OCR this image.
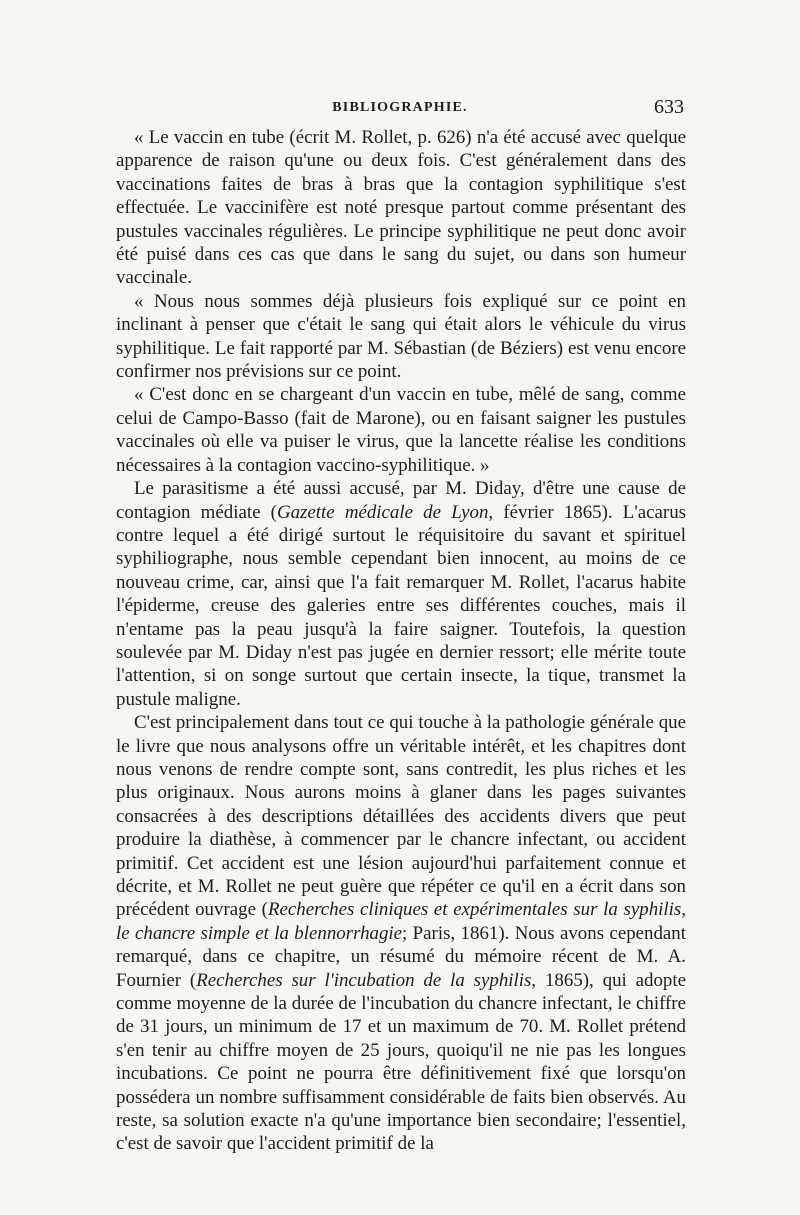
BIBLIOGRAPHIE.	633

« Le vaccin en tube (écrit M. Rollet, p. 626) n'a été accusé avec quelque apparence de raison qu'une ou deux fois. C'est généralement dans des vaccinations faites de bras à bras que la contagion syphilitique s'est effectuée. Le vaccinifère est noté presque partout comme présentant des pustules vaccinales régulières. Le principe syphilitique ne peut donc avoir été puisé dans ces cas que dans le sang du sujet, ou dans son humeur vaccinale.

« Nous nous sommes déjà plusieurs fois expliqué sur ce point en inclinant à penser que c'était le sang qui était alors le véhicule du virus syphilitique. Le fait rapporté par M. Sébastian (de Béziers) est venu encore confirmer nos prévisions sur ce point.

« C'est donc en se chargeant d'un vaccin en tube, mêlé de sang, comme celui de Campo-Basso (fait de Marone), ou en faisant saigner les pustules vaccinales où elle va puiser le virus, que la lancette réalise les conditions nécessaires à la contagion vaccino-syphilitique. »

Le parasitisme a été aussi accusé, par M. Diday, d'être une cause de contagion médiate (Gazette médicale de Lyon, février 1865). L'acarus contre lequel a été dirigé surtout le réquisitoire du savant et spirituel syphiliographe, nous semble cependant bien innocent, au moins de ce nouveau crime, car, ainsi que l'a fait remarquer M. Rollet, l'acarus habite l'épiderme, creuse des galeries entre ses différentes couches, mais il n'entame pas la peau jusqu'à la faire saigner. Toutefois, la question soulevée par M. Diday n'est pas jugée en dernier ressort; elle mérite toute l'attention, si on songe surtout que certain insecte, la tique, transmet la pustule maligne.

C'est principalement dans tout ce qui touche à la pathologie générale que le livre que nous analysons offre un véritable intérêt, et les chapitres dont nous venons de rendre compte sont, sans contredit, les plus riches et les plus originaux. Nous aurons moins à glaner dans les pages suivantes consacrées à des descriptions détaillées des accidents divers que peut produire la diathèse, à commencer par le chancre infectant, ou accident primitif. Cet accident est une lésion aujourd'hui parfaitement connue et décrite, et M. Rollet ne peut guère que répéter ce qu'il en a écrit dans son précédent ouvrage (Recherches cliniques et expérimentales sur la syphilis, le chancre simple et la blennorrhagie; Paris, 1861). Nous avons cependant remarqué, dans ce chapitre, un résumé du mémoire récent de M. A. Fournier (Recherches sur l'incubation de la syphilis, 1865), qui adopte comme moyenne de la durée de l'incubation du chancre infectant, le chiffre de 31 jours, un minimum de 17 et un maximum de 70. M. Rollet prétend s'en tenir au chiffre moyen de 25 jours, quoiqu'il ne nie pas les longues incubations. Ce point ne pourra être définitivement fixé que lorsqu'on possédera un nombre suffisamment considérable de faits bien observés. Au reste, sa solution exacte n'a qu'une importance bien secondaire; l'essentiel, c'est de savoir que l'accident primitif de la
